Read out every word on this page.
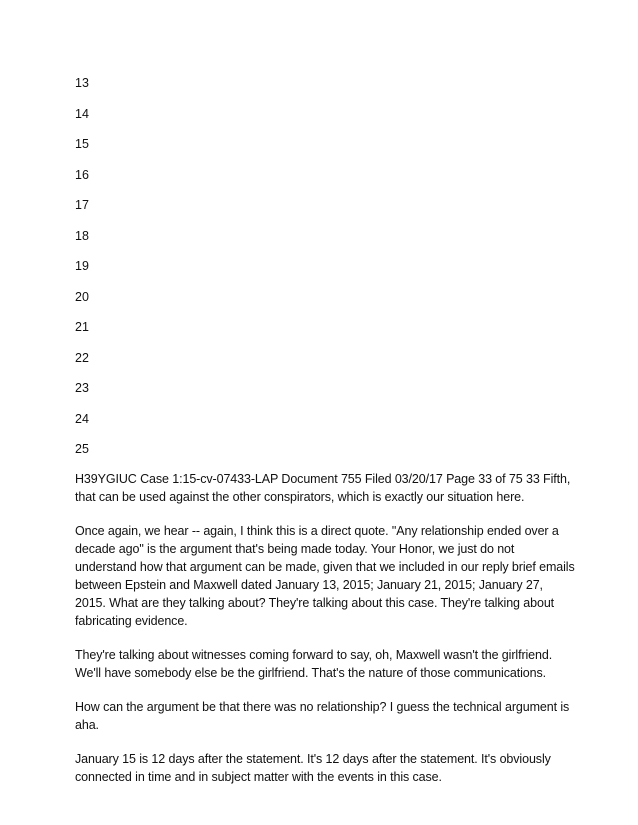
13
14
15
16
17
18
19
20
21
22
23
24
25

H39YGIUC Case 1:15-cv-07433-LAP Document 755 Filed 03/20/17 Page 33 of 75 33 Fifth, that can be used against the other conspirators, which is exactly our situation here.

Once again, we hear -- again, I think this is a direct quote. "Any relationship ended over a decade ago" is the argument that's being made today. Your Honor, we just do not understand how that argument can be made, given that we included in our reply brief emails between Epstein and Maxwell dated January 13, 2015; January 21, 2015; January 27, 2015. What are they talking about? They're talking about this case. They're talking about fabricating evidence.

They're talking about witnesses coming forward to say, oh, Maxwell wasn't the girlfriend. We'll have somebody else be the girlfriend. That's the nature of those communications.

How can the argument be that there was no relationship? I guess the technical argument is aha.

January 15 is 12 days after the statement. It's 12 days after the statement. It's obviously connected in time and in subject matter with the events in this case.
